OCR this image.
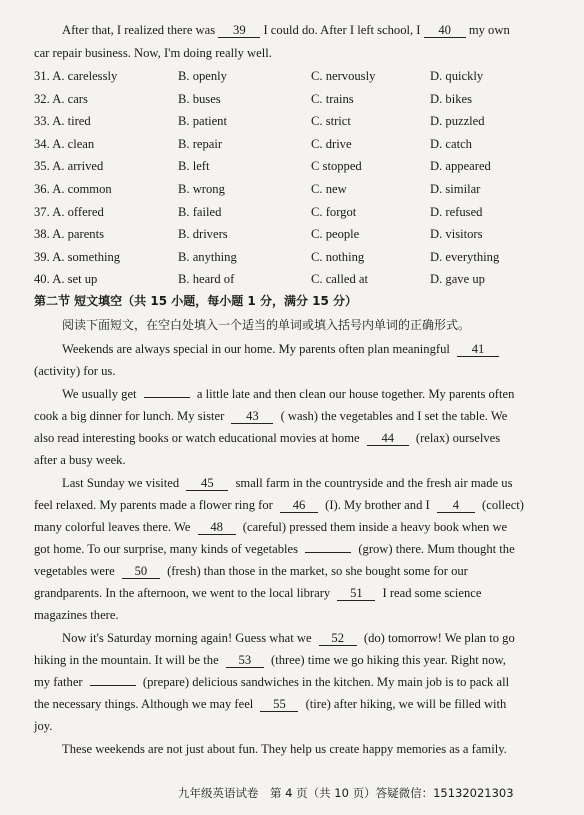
After that, I realized there was 39 I could do. After I left school, I 40 my own
car repair business. Now, I'm doing really well.
31. A. carelessly	B. openly	C. nervously	D. quickly
32. A. cars	B. buses	C. trains	D. bikes
33. A. tired	B. patient	C. strict	D. puzzled
34. A. clean	B. repair	C. drive	D. catch
35. A. arrived	B. left	C stopped	D. appeared
36. A. common	B. wrong	C. new	D. similar
37. A. offered	B. failed	C. forgot	D. refused
38. A. parents	B. drivers	C. people	D. visitors
39. A. something	B. anything	C. nothing	D. everything
40. A. set up	B. heard of	C. called at	D. gave up
第二节 短文填空（共 15 小题，每小题 1 分，满分 15 分）
阅读下面短文，在空白处填入一个适当的单词或填入括号内单词的正确形式。
Weekends are always special in our home. My parents often plan meaningful 41
(activity) for us.
We usually get	a little late and then clean our house together. My parents often
cook a big dinner for lunch. My sister 43 ( wash) the vegetables and I set the table. We
also read interesting books or watch educational movies at home 44 (relax) ourselves
after a busy week.
Last Sunday we visited 45 small farm in the countryside and the fresh air made us
feel relaxed. My parents made a flower ring for 46 (I). My brother and I 4 (collect)
many colorful leaves there. We 48 (careful) pressed them inside a heavy book when we
got home. To our surprise, many kinds of vegetables	(grow) there. Mum thought the
vegetables were 50 (fresh) than those in the market, so she bought some for our
grandparents. In the afternoon, we went to the local library 51 I read some science
magazines there.
Now it's Saturday morning again! Guess what we 52 (do) tomorrow! We plan to go
hiking in the mountain. It will be the 53 (three) time we go hiking this year. Right now,
my father	(prepare) delicious sandwiches in the kitchen. My main job is to pack all
the necessary things. Although we may feel 55 (tire) after hiking, we will be filled with
joy.
These weekends are not just about fun. They help us create happy memories as a family.
九年级英语试卷　第 4 页（共 10 页）答疑微信：15132021303
